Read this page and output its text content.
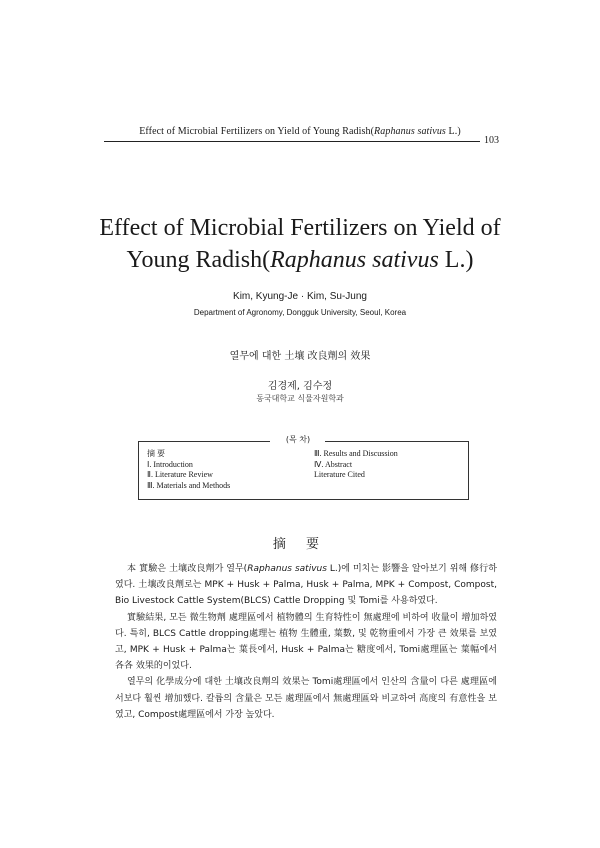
Effect of Microbial Fertilizers on Yield of Young Radish(Raphanus sativus L.)
103
Effect of Microbial Fertilizers on Yield of
Young Radish(Raphanus sativus L.)
Kim, Kyung-Je · Kim, Su-Jung
Department of Agronomy, Dongguk University, Seoul, Korea
열무에 대한 土壤 改良劑의 效果
김경제, 김수정
동국대학교 식물자원학과
(목 차)
摘 要
Ⅰ. Introduction
Ⅱ. Literature Review
Ⅲ. Materials and Methods
Ⅲ. Results and Discussion
Ⅳ. Abstract
Literature Cited
摘 要

本 實驗은 土壤改良劑가 열무(Raphanus sativus L.)에 미치는 影響을 알아보기 위해 修行하였다. 土壤改良劑로는 MPK + Husk + Palma, Husk + Palma, MPK + Compost, Compost, Bio Livestock Cattle System(BLCS) Cattle Dropping 및 Tomi를 사용하였다.

實驗結果, 모든 微生物劑 處理區에서 植物體의 生育特性이 無處理에 비하여 收量이 增加하였다. 특히, BLCS Cattle dropping處理는 植物 生體重, 葉數, 및 乾物重에서 가장 큰 效果를 보였고, MPK + Husk + Palma는 葉長에서, Husk + Palma는 糖度에서, Tomi處理區는 葉幅에서 各各 效果的이었다.

열무의 化學成分에 대한 土壤改良劑의 效果는 Tomi處理區에서 인산의 含量이 다른 處理區에서보다 훨씬 增加했다. 칼륨의 含量은 모든 處理區에서 無處理區와 비교하여 高度의 有意性을 보였고, Compost處理區에서 가장 높았다.
